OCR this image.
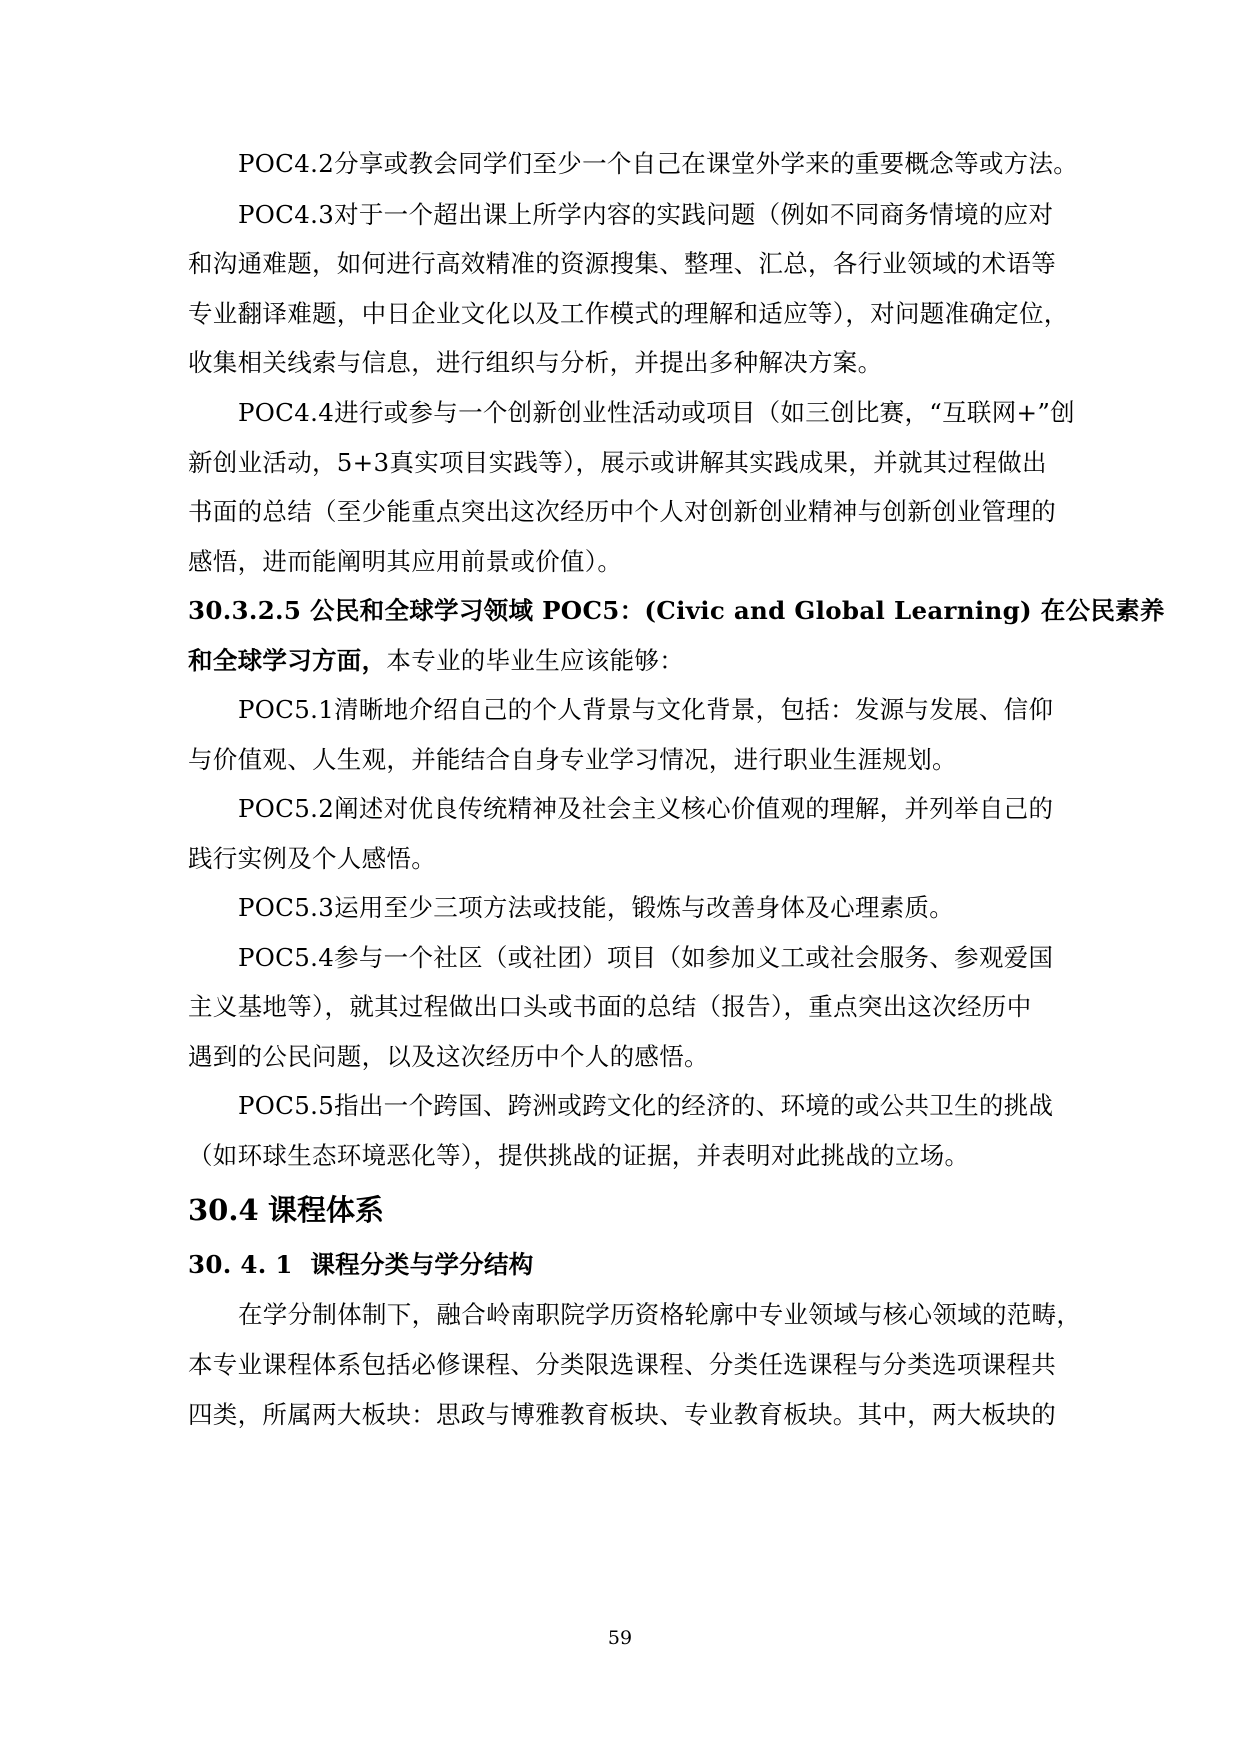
POC4.2分享或教会同学们至少一个自己在课堂外学来的重要概念等或方法。
POC4.3对于一个超出课上所学内容的实践问题（例如不同商务情境的应对
和沟通难题，如何进行高效精准的资源搜集、整理、汇总，各行业领域的术语等
专业翻译难题，中日企业文化以及工作模式的理解和适应等），对问题准确定位，
收集相关线索与信息，进行组织与分析，并提出多种解决方案。
POC4.4进行或参与一个创新创业性活动或项目（如三创比赛，“互联网+”创
新创业活动，5+3真实项目实践等），展示或讲解其实践成果，并就其过程做出
书面的总结（至少能重点突出这次经历中个人对创新创业精神与创新创业管理的
感悟，进而能阐明其应用前景或价值）。
30.3.2.5 公民和全球学习领域 POC5：(Civic and Global Learning) 在公民素养
和全球学习方面，本专业的毕业生应该能够：
POC5.1清晰地介绍自己的个人背景与文化背景，包括：发源与发展、信仰
与价值观、人生观，并能结合自身专业学习情况，进行职业生涯规划。
POC5.2阐述对优良传统精神及社会主义核心价值观的理解，并列举自己的
践行实例及个人感悟。
POC5.3运用至少三项方法或技能，锻炼与改善身体及心理素质。
POC5.4参与一个社区（或社团）项目（如参加义工或社会服务、参观爱国
主义基地等），就其过程做出口头或书面的总结（报告），重点突出这次经历中
遇到的公民问题，以及这次经历中个人的感悟。
POC5.5指出一个跨国、跨洲或跨文化的经济的、环境的或公共卫生的挑战
（如环球生态环境恶化等），提供挑战的证据，并表明对此挑战的立场。
30.4 课程体系
30. 4. 1  课程分类与学分结构
在学分制体制下，融合岭南职院学历资格轮廓中专业领域与核心领域的范畴，
本专业课程体系包括必修课程、分类限选课程、分类任选课程与分类选项课程共
四类，所属两大板块：思政与博雅教育板块、专业教育板块。其中，两大板块的
59
